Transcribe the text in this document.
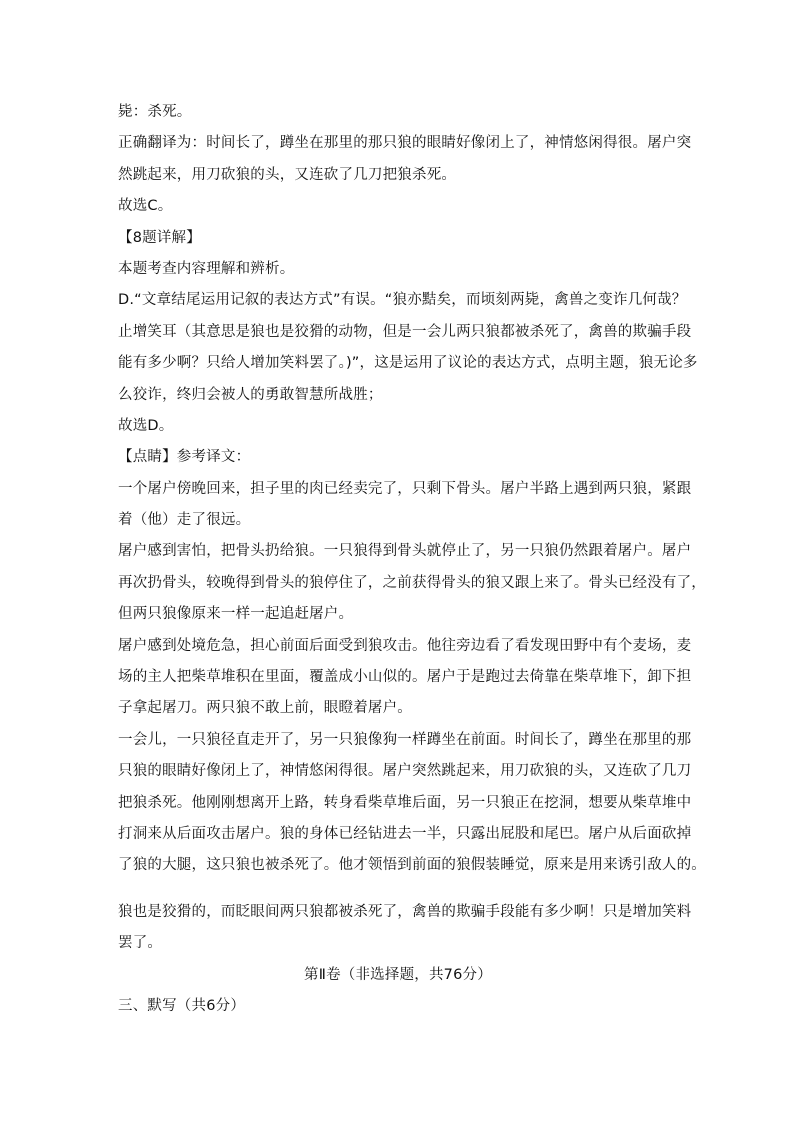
毙：杀死。
正确翻译为：时间长了，蹲坐在那里的那只狼的眼睛好像闭上了，神情悠闲得很。屠户突
然跳起来，用刀砍狼的头，又连砍了几刀把狼杀死。
故选C。
【8题详解】
本题考查内容理解和辨析。
D.“文章结尾运用记叙的表达方式”有误。“狼亦黠矣，而顷刻两毙，禽兽之变诈几何哉？
止增笑耳（其意思是狼也是狡猾的动物，但是一会儿两只狼都被杀死了，禽兽的欺骗手段
能有多少啊？只给人增加笑料罢了。)”，这是运用了议论的表达方式，点明主题，狼无论多
么狡诈，终归会被人的勇敢智慧所战胜；
故选D。
【点睛】参考译文：
一个屠户傍晚回来，担子里的肉已经卖完了，只剩下骨头。屠户半路上遇到两只狼，紧跟
着（他）走了很远。
屠户感到害怕，把骨头扔给狼。一只狼得到骨头就停止了，另一只狼仍然跟着屠户。屠户
再次扔骨头，较晚得到骨头的狼停住了，之前获得骨头的狼又跟上来了。骨头已经没有了，
但两只狼像原来一样一起追赶屠户。
屠户感到处境危急，担心前面后面受到狼攻击。他往旁边看了看发现田野中有个麦场，麦
场的主人把柴草堆积在里面，覆盖成小山似的。屠户于是跑过去倚靠在柴草堆下，卸下担
子拿起屠刀。两只狼不敢上前，眼瞪着屠户。
一会儿，一只狼径直走开了，另一只狼像狗一样蹲坐在前面。时间长了，蹲坐在那里的那
只狼的眼睛好像闭上了，神情悠闲得很。屠户突然跳起来，用刀砍狼的头，又连砍了几刀
把狼杀死。他刚刚想离开上路，转身看柴草堆后面，另一只狼正在挖洞，想要从柴草堆中
打洞来从后面攻击屠户。狼的身体已经钻进去一半，只露出屁股和尾巴。屠户从后面砍掉
了狼的大腿，这只狼也被杀死了。他才领悟到前面的狼假装睡觉，原来是用来诱引敌人的。
狼也是狡猾的，而眨眼间两只狼都被杀死了，禽兽的欺骗手段能有多少啊！只是增加笑料
罢了。
第Ⅱ卷（非选择题，共76分）
三、默写（共6分）
